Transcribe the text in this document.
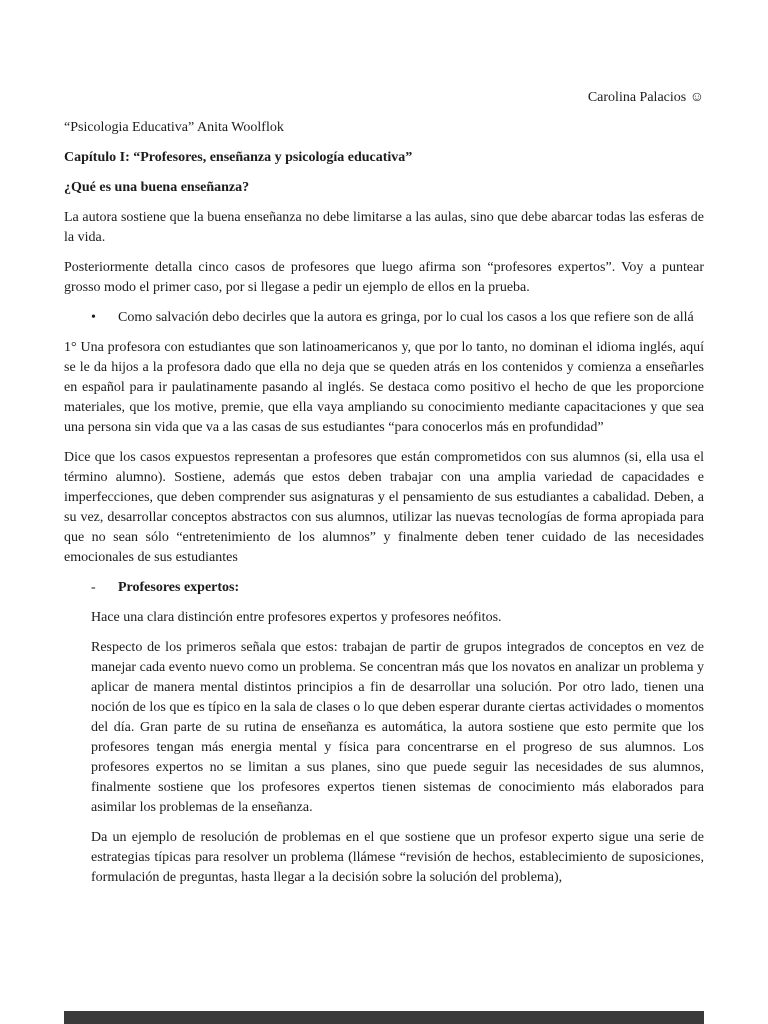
Carolina Palacios ☺

“Psicologia Educativa” Anita Woolflok

Capítulo I: “Profesores, enseñanza y psicología educativa”

¿Qué es una buena enseñanza?

La autora sostiene que la buena enseñanza no debe limitarse a las aulas, sino que debe abarcar todas las esferas de la vida.

Posteriormente detalla cinco casos de profesores que luego afirma son “profesores expertos”. Voy a puntear grosso modo el primer caso, por si llegase a pedir un ejemplo de ellos en la prueba.

•	Como salvación debo decirles que la autora es gringa, por lo cual los casos a los que refiere son de allá

1° Una profesora con estudiantes que son latinoamericanos y, que por lo tanto, no dominan el idioma inglés, aquí se le da hijos a la profesora dado que ella no deja que se queden atrás en los contenidos y comienza a enseñarles en español para ir paulatinamente pasando al inglés. Se destaca como positivo el hecho de que les proporcione materiales, que los motive, premie, que ella vaya ampliando su conocimiento mediante capacitaciones y que sea una persona sin vida que va a las casas de sus estudiantes “para conocerlos más en profundidad”

Dice que los casos expuestos representan a profesores que están comprometidos con sus alumnos (si, ella usa el término alumno). Sostiene, además que estos deben trabajar con una amplia variedad de capacidades e imperfecciones, que deben comprender sus asignaturas y el pensamiento de sus estudiantes a cabalidad. Deben, a su vez, desarrollar conceptos abstractos con sus alumnos, utilizar las nuevas tecnologías de forma apropiada para que no sean sólo “entretenimiento de los alumnos” y finalmente deben tener cuidado de las necesidades emocionales de sus estudiantes

-	Profesores expertos:

Hace una clara distinción entre profesores expertos y profesores neófitos.

Respecto de los primeros señala que estos: trabajan de partir de grupos integrados de conceptos en vez de manejar cada evento nuevo como un problema. Se concentran más que los novatos en analizar un problema y aplicar de manera mental distintos principios a fin de desarrollar una solución. Por otro lado, tienen una noción de los que es típico en la sala de clases o lo que deben esperar durante ciertas actividades o momentos del día. Gran parte de su rutina de enseñanza es automática, la autora sostiene que esto permite que los profesores tengan más energia mental y física para concentrarse en el progreso de sus alumnos. Los profesores expertos no se limitan a sus planes, sino que puede seguir las necesidades de sus alumnos, finalmente sostiene que los profesores expertos tienen sistemas de conocimiento más elaborados para asimilar los problemas de la enseñanza.

Da un ejemplo de resolución de problemas en el que sostiene que un profesor experto sigue una serie de estrategias típicas para resolver un problema (llámese “revisión de hechos, establecimiento de suposiciones, formulación de preguntas, hasta llegar a la decisión sobre la solución del problema),
